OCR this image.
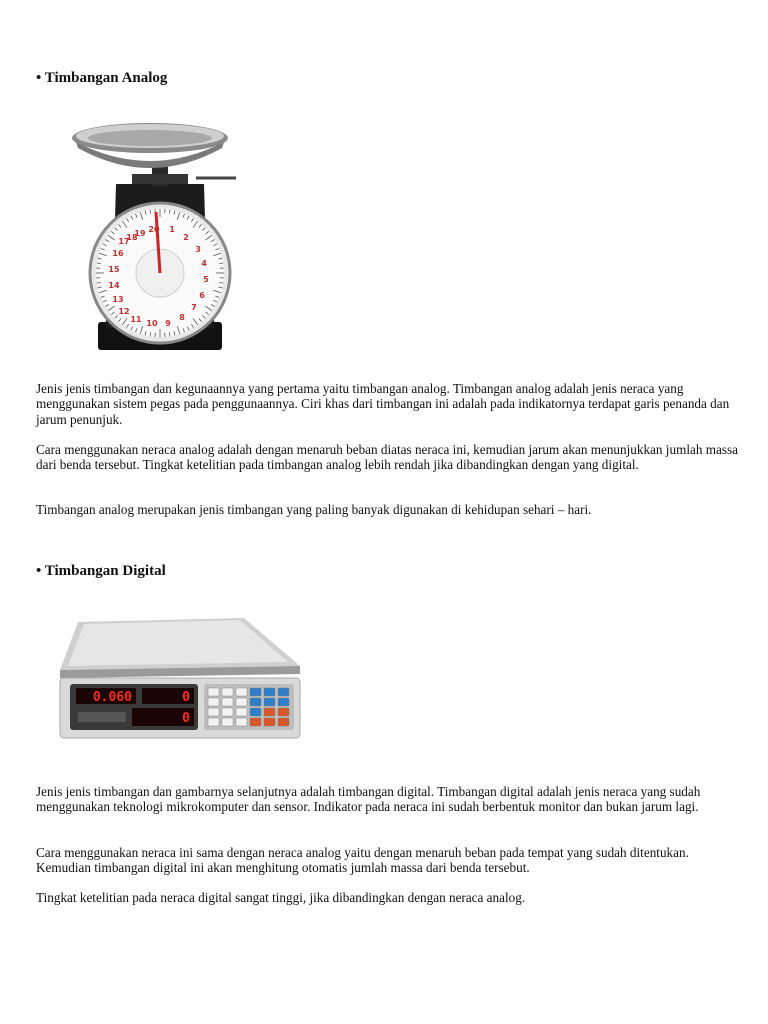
• Timbangan Analog
20 1
2
3
4
5
6
7
8
9
10
11
12
13
14
15
16
17
18
19

Jenis jenis timbangan dan kegunaannya yang pertama yaitu timbangan analog. Timbangan analog adalah jenis neraca yang menggunakan sistem pegas pada penggunaannya. Ciri khas dari timbangan ini adalah pada indikatornya terdapat garis penanda dan jarum penunjuk.

Cara menggunakan neraca analog adalah dengan menaruh beban diatas neraca ini, kemudian jarum akan menunjukkan jumlah massa dari benda tersebut. Tingkat ketelitian pada timbangan analog lebih rendah jika dibandingkan dengan yang digital.

Timbangan analog merupakan jenis timbangan yang paling banyak digunakan di kehidupan sehari – hari.

• Timbangan Digital
0.060	0
0

Jenis jenis timbangan dan gambarnya selanjutnya adalah timbangan digital. Timbangan digital adalah jenis neraca yang sudah menggunakan teknologi mikrokomputer dan sensor. Indikator pada neraca ini sudah berbentuk monitor dan bukan jarum lagi.

Cara menggunakan neraca ini sama dengan neraca analog yaitu dengan menaruh beban pada tempat yang sudah ditentukan. Kemudian timbangan digital ini akan menghitung otomatis jumlah massa dari benda tersebut.

Tingkat ketelitian pada neraca digital sangat tinggi, jika dibandingkan dengan neraca analog.
